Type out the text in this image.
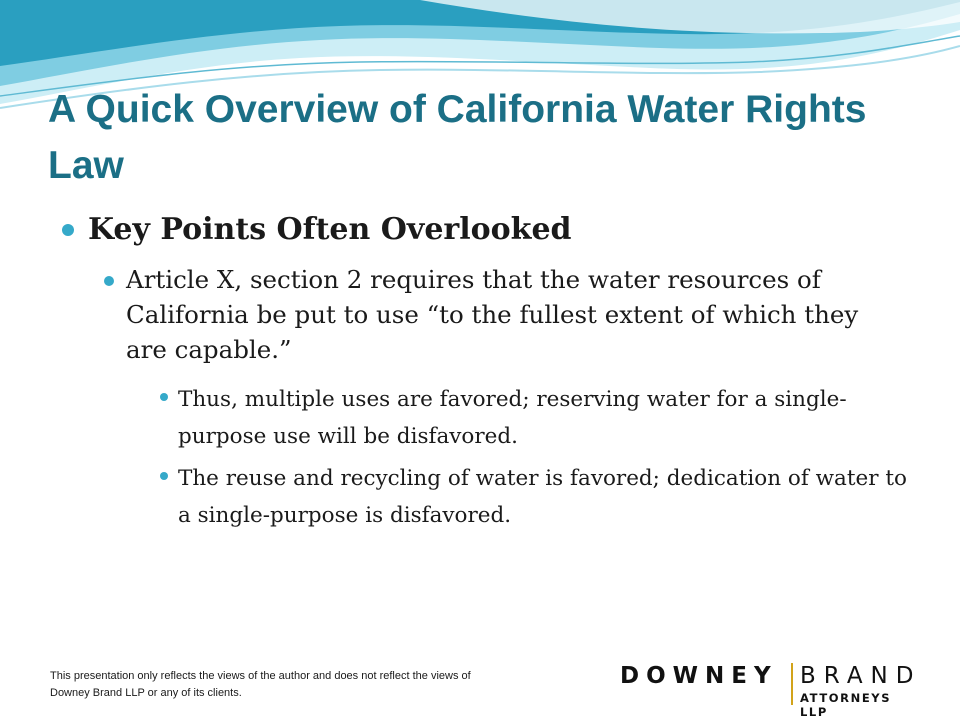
A Quick Overview of California Water Rights Law

Key Points Often Overlooked

Article X, section 2 requires that the water resources of California be put to use “to the fullest extent of which they are capable.”

Thus, multiple uses are favored; reserving water for a single-purpose use will be disfavored.

The reuse and recycling of water is favored; dedication of water to a single-purpose is disfavored.

This presentation only reflects the views of the author and does not reflect the views of Downey Brand LLP or any of its clients.
DOWNEY BRAND
ATTORNEYS LLP
